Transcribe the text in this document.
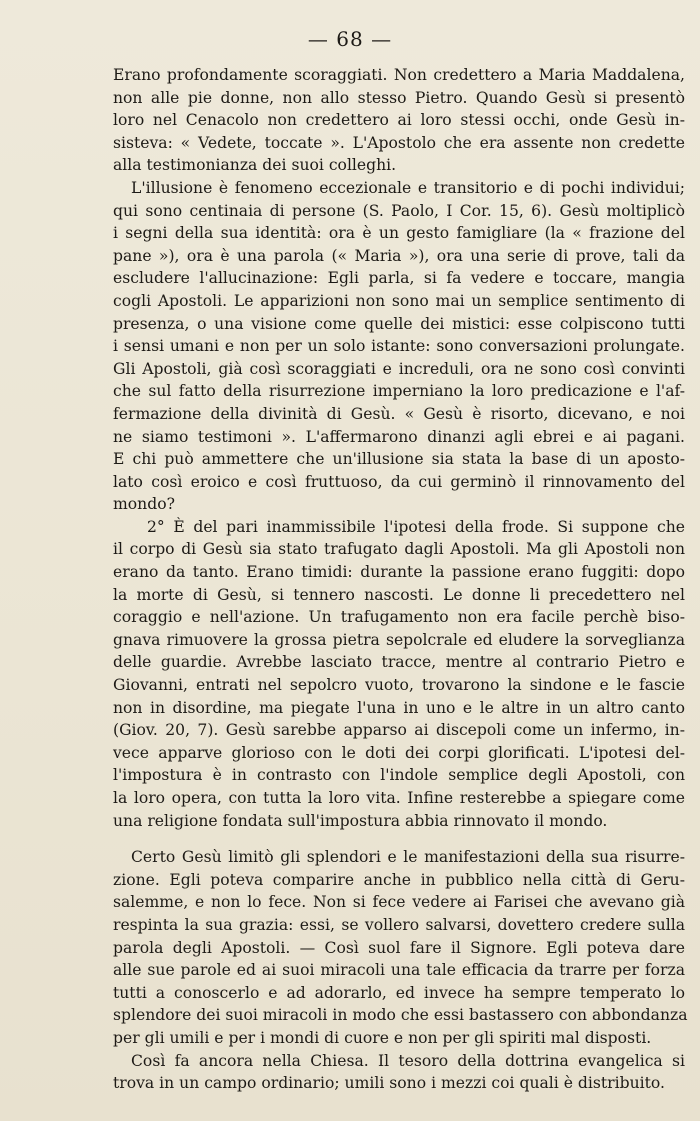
— 68 —

Erano profondamente scoraggiati. Non credettero a Maria Maddalena,
non alle pie donne, non allo stesso Pietro. Quando Gesù si presentò
loro nel Cenacolo non credettero ai loro stessi occhi, onde Gesù in-
sisteva: « Vedete, toccate ». L'Apostolo che era assente non credette
alla testimonianza dei suoi colleghi.

L'illusione è fenomeno eccezionale e transitorio e di pochi individui;
qui sono centinaia di persone (S. Paolo, I Cor. 15, 6). Gesù moltiplicò
i segni della sua identità: ora è un gesto famigliare (la « frazione del
pane »), ora è una parola (« Maria »), ora una serie di prove, tali da
escludere l'allucinazione: Egli parla, si fa vedere e toccare, mangia
cogli Apostoli. Le apparizioni non sono mai un semplice sentimento di
presenza, o una visione come quelle dei mistici: esse colpiscono tutti
i sensi umani e non per un solo istante: sono conversazioni prolungate.
Gli Apostoli, già così scoraggiati e increduli, ora ne sono così convinti
che sul fatto della risurrezione imperniano la loro predicazione e l'af-
fermazione della divinità di Gesù. « Gesù è risorto, dicevano, e noi
ne siamo testimoni ». L'affermarono dinanzi agli ebrei e ai pagani.
E chi può ammettere che un'illusione sia stata la base di un aposto-
lato così eroico e così fruttuoso, da cui germinò il rinnovamento del
mondo?

2° È del pari inammissibile l'ipotesi della frode. Si suppone che
il corpo di Gesù sia stato trafugato dagli Apostoli. Ma gli Apostoli non
erano da tanto. Erano timidi: durante la passione erano fuggiti: dopo
la morte di Gesù, si tennero nascosti. Le donne li precedettero nel
coraggio e nell'azione. Un trafugamento non era facile perchè biso-
gnava rimuovere la grossa pietra sepolcrale ed eludere la sorveglianza
delle guardie. Avrebbe lasciato tracce, mentre al contrario Pietro e
Giovanni, entrati nel sepolcro vuoto, trovarono la sindone e le fascie
non in disordine, ma piegate l'una in uno e le altre in un altro canto
(Giov. 20, 7). Gesù sarebbe apparso ai discepoli come un infermo, in-
vece apparve glorioso con le doti dei corpi glorificati. L'ipotesi del-
l'impostura è in contrasto con l'indole semplice degli Apostoli, con
la loro opera, con tutta la loro vita. Infine resterebbe a spiegare come
una religione fondata sull'impostura abbia rinnovato il mondo.

Certo Gesù limitò gli splendori e le manifestazioni della sua risurre-
zione. Egli poteva comparire anche in pubblico nella città di Geru-
salemme, e non lo fece. Non si fece vedere ai Farisei che avevano già
respinta la sua grazia: essi, se vollero salvarsi, dovettero credere sulla
parola degli Apostoli. — Così suol fare il Signore. Egli poteva dare
alle sue parole ed ai suoi miracoli una tale efficacia da trarre per forza
tutti a conoscerlo e ad adorarlo, ed invece ha sempre temperato lo
splendore dei suoi miracoli in modo che essi bastassero con abbondanza
per gli umili e per i mondi di cuore e non per gli spiriti mal disposti.

Così fa ancora nella Chiesa. Il tesoro della dottrina evangelica si
trova in un campo ordinario; umili sono i mezzi coi quali è distribuito.
